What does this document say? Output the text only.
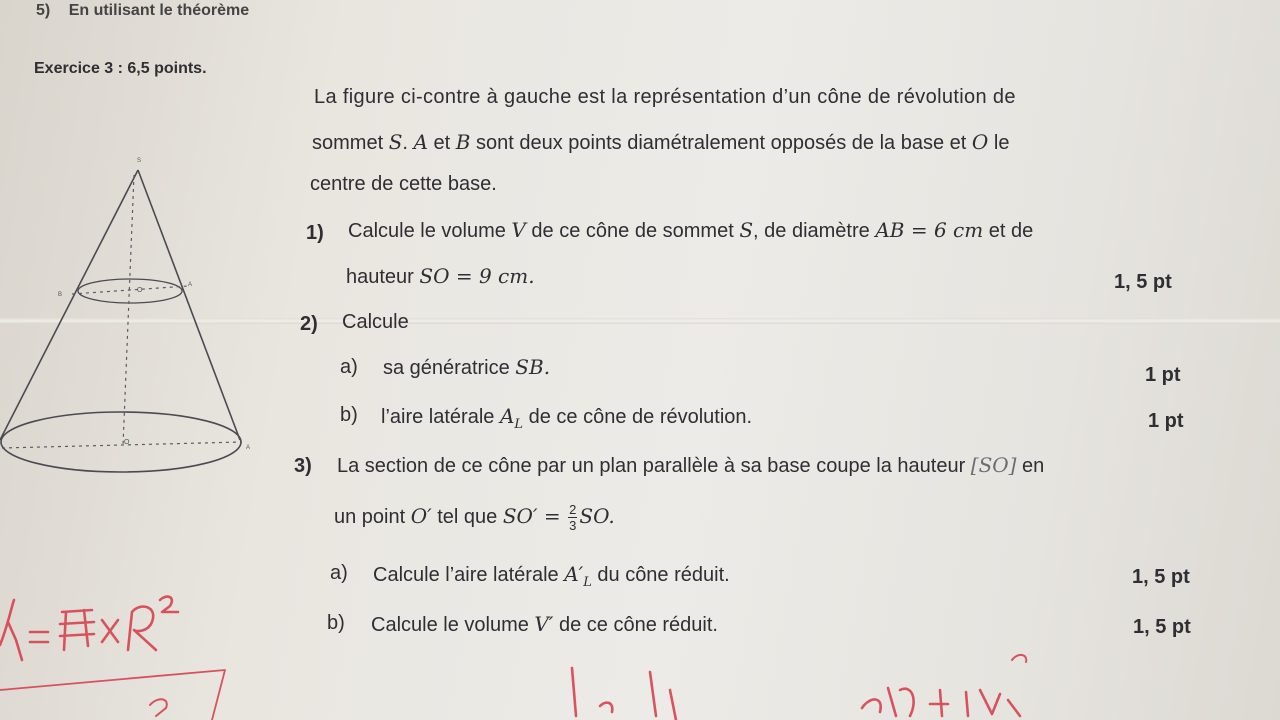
5) En utilisant le théorème
Exercice 3 : 6,5 points.
La figure ci-contre à gauche est la représentation d’un cône de révolution de
sommet S. A et B sont deux points diamétralement opposés de la base et O le
centre de cette base.
1) Calcule le volume V de ce cône de sommet S, de diamètre AB = 6 cm et de
hauteur SO = 9 cm.	1, 5 pt
2) Calcule
a) sa génératrice SB.	1 pt
b) l’aire latérale $A_L$ de ce cône de révolution.	1 pt
3) La section de ce cône par un plan parallèle à sa base coupe la hauteur [SO] en
un point O′ tel que $SO' = \frac{2}{3}$ SO.
a) Calcule l’aire latérale $A'_L$ du cône réduit.	1, 5 pt
b) Calcule le volume V′ de ce cône réduit.	1, 5 pt
S
B
A
O
O
A
